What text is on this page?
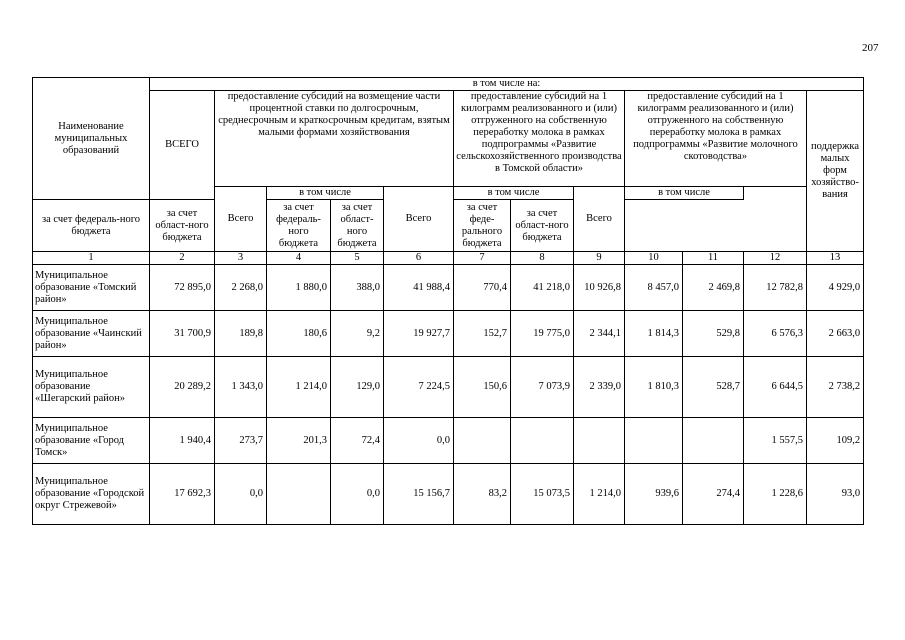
207
Наименование муниципальных образований	в том числе на:												
	ВСЕГО	предоставление субсидий на возмещение части процентной ставки по долгосрочным, среднесрочным и краткосрочным кредитам, взятым малыми формами хозяйствования				предоставление субсидий на 1 килограмм реализованного и (или) отгруженного на собственную переработку молока в рамках подпрограммы «Развитие сельскохозяйственного производства в Томской области»			предоставление субсидий на 1 килограмм реализованного и (или) отгруженного на собственную переработку молока в рамках подпрограммы «Развитие молочного скотоводства»			поддержка малых форм хозяйство-вания	
		Всего	в том числе		Всего	в том числе		Всего	в том числе				
за счет федераль-ного бюджета	за счет област-ного бюджета		за счет федераль-ного бюджета	за счет област-ного бюджета		за счет феде-рального бюджета	за счет област-ного бюджета						
1	2	3	4	5	6	7	8	9	10	11	12	13	
Муниципальное образование «Томский район»	72 895,0	2 268,0	1 880,0	388,0	41 988,4	770,4	41 218,0	10 926,8	8 457,0	2 469,8	12 782,8	4 929,0	
Муниципальное образование «Чаинский район»	31 700,9	189,8	180,6	9,2	19 927,7	152,7	19 775,0	2 344,1	1 814,3	529,8	6 576,3	2 663,0	
Муниципальное образование «Шегарский район»	20 289,2	1 343,0	1 214,0	129,0	7 224,5	150,6	7 073,9	2 339,0	1 810,3	528,7	6 644,5	2 738,2	
Муниципальное образование «Город Томск»	1 940,4	273,7	201,3	72,4	0,0						1 557,5	109,2	
Муниципальное образование «Городской округ Стрежевой»	17 692,3	0,0		0,0	15 156,7	83,2	15 073,5	1 214,0	939,6	274,4	1 228,6	93,0	
